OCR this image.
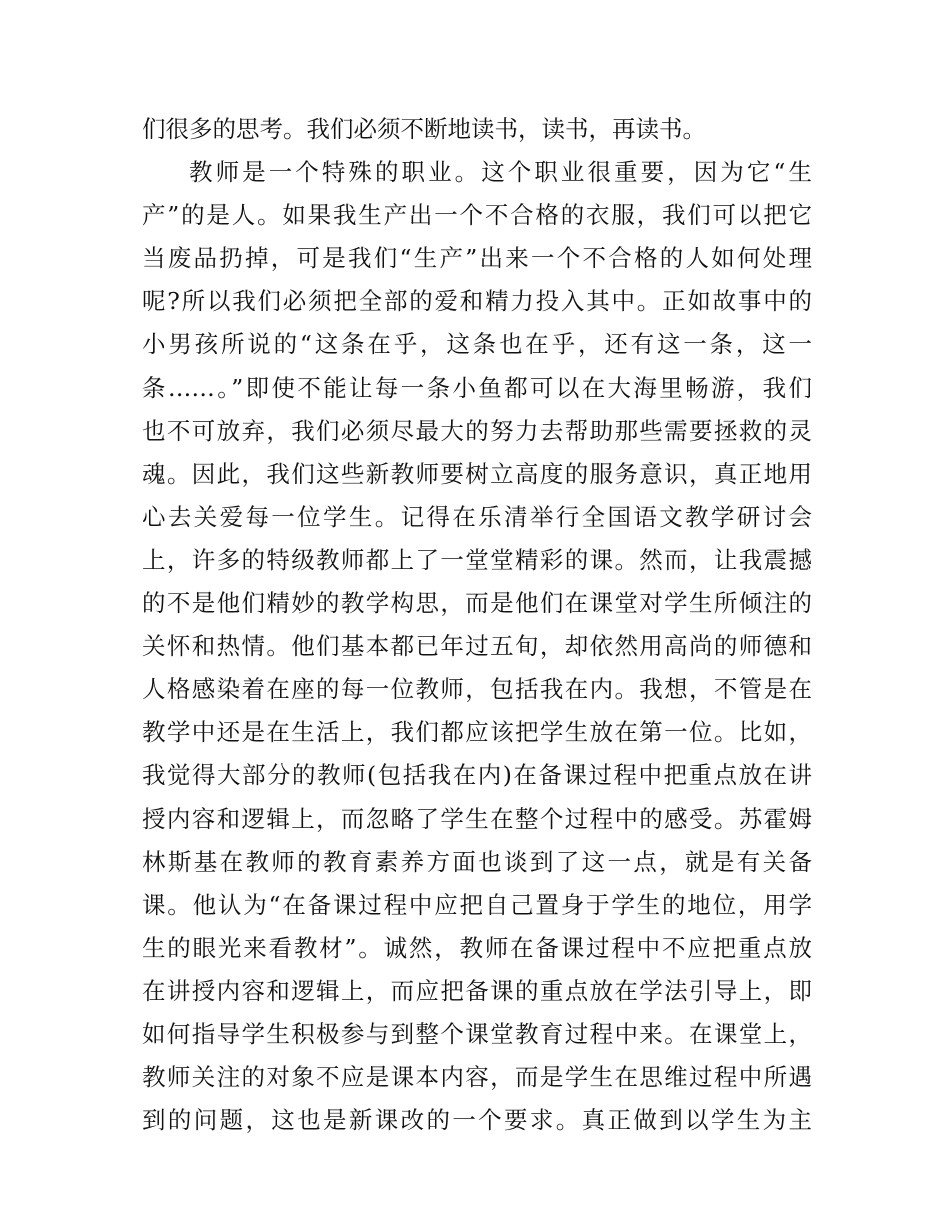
们很多的思考。我们必须不断地读书，读书，再读书。
教师是一个特殊的职业。这个职业很重要，因为它“生
产”的是人。如果我生产出一个不合格的衣服，我们可以把它
当废品扔掉，可是我们“生产”出来一个不合格的人如何处理
呢?所以我们必须把全部的爱和精力投入其中。正如故事中的
小男孩所说的“这条在乎，这条也在乎，还有这一条，这一
条……。”即使不能让每一条小鱼都可以在大海里畅游，我们
也不可放弃，我们必须尽最大的努力去帮助那些需要拯救的灵
魂。因此，我们这些新教师要树立高度的服务意识，真正地用
心去关爱每一位学生。记得在乐清举行全国语文教学研讨会
上，许多的特级教师都上了一堂堂精彩的课。然而，让我震撼
的不是他们精妙的教学构思，而是他们在课堂对学生所倾注的
关怀和热情。他们基本都已年过五旬，却依然用高尚的师德和
人格感染着在座的每一位教师，包括我在内。我想，不管是在
教学中还是在生活上，我们都应该把学生放在第一位。比如，
我觉得大部分的教师(包括我在内)在备课过程中把重点放在讲
授内容和逻辑上，而忽略了学生在整个过程中的感受。苏霍姆
林斯基在教师的教育素养方面也谈到了这一点，就是有关备
课。他认为“在备课过程中应把自己置身于学生的地位，用学
生的眼光来看教材”。诚然，教师在备课过程中不应把重点放
在讲授内容和逻辑上，而应把备课的重点放在学法引导上，即
如何指导学生积极参与到整个课堂教育过程中来。在课堂上，
教师关注的对象不应是课本内容，而是学生在思维过程中所遇
到的问题，这也是新课改的一个要求。真正做到以学生为主
